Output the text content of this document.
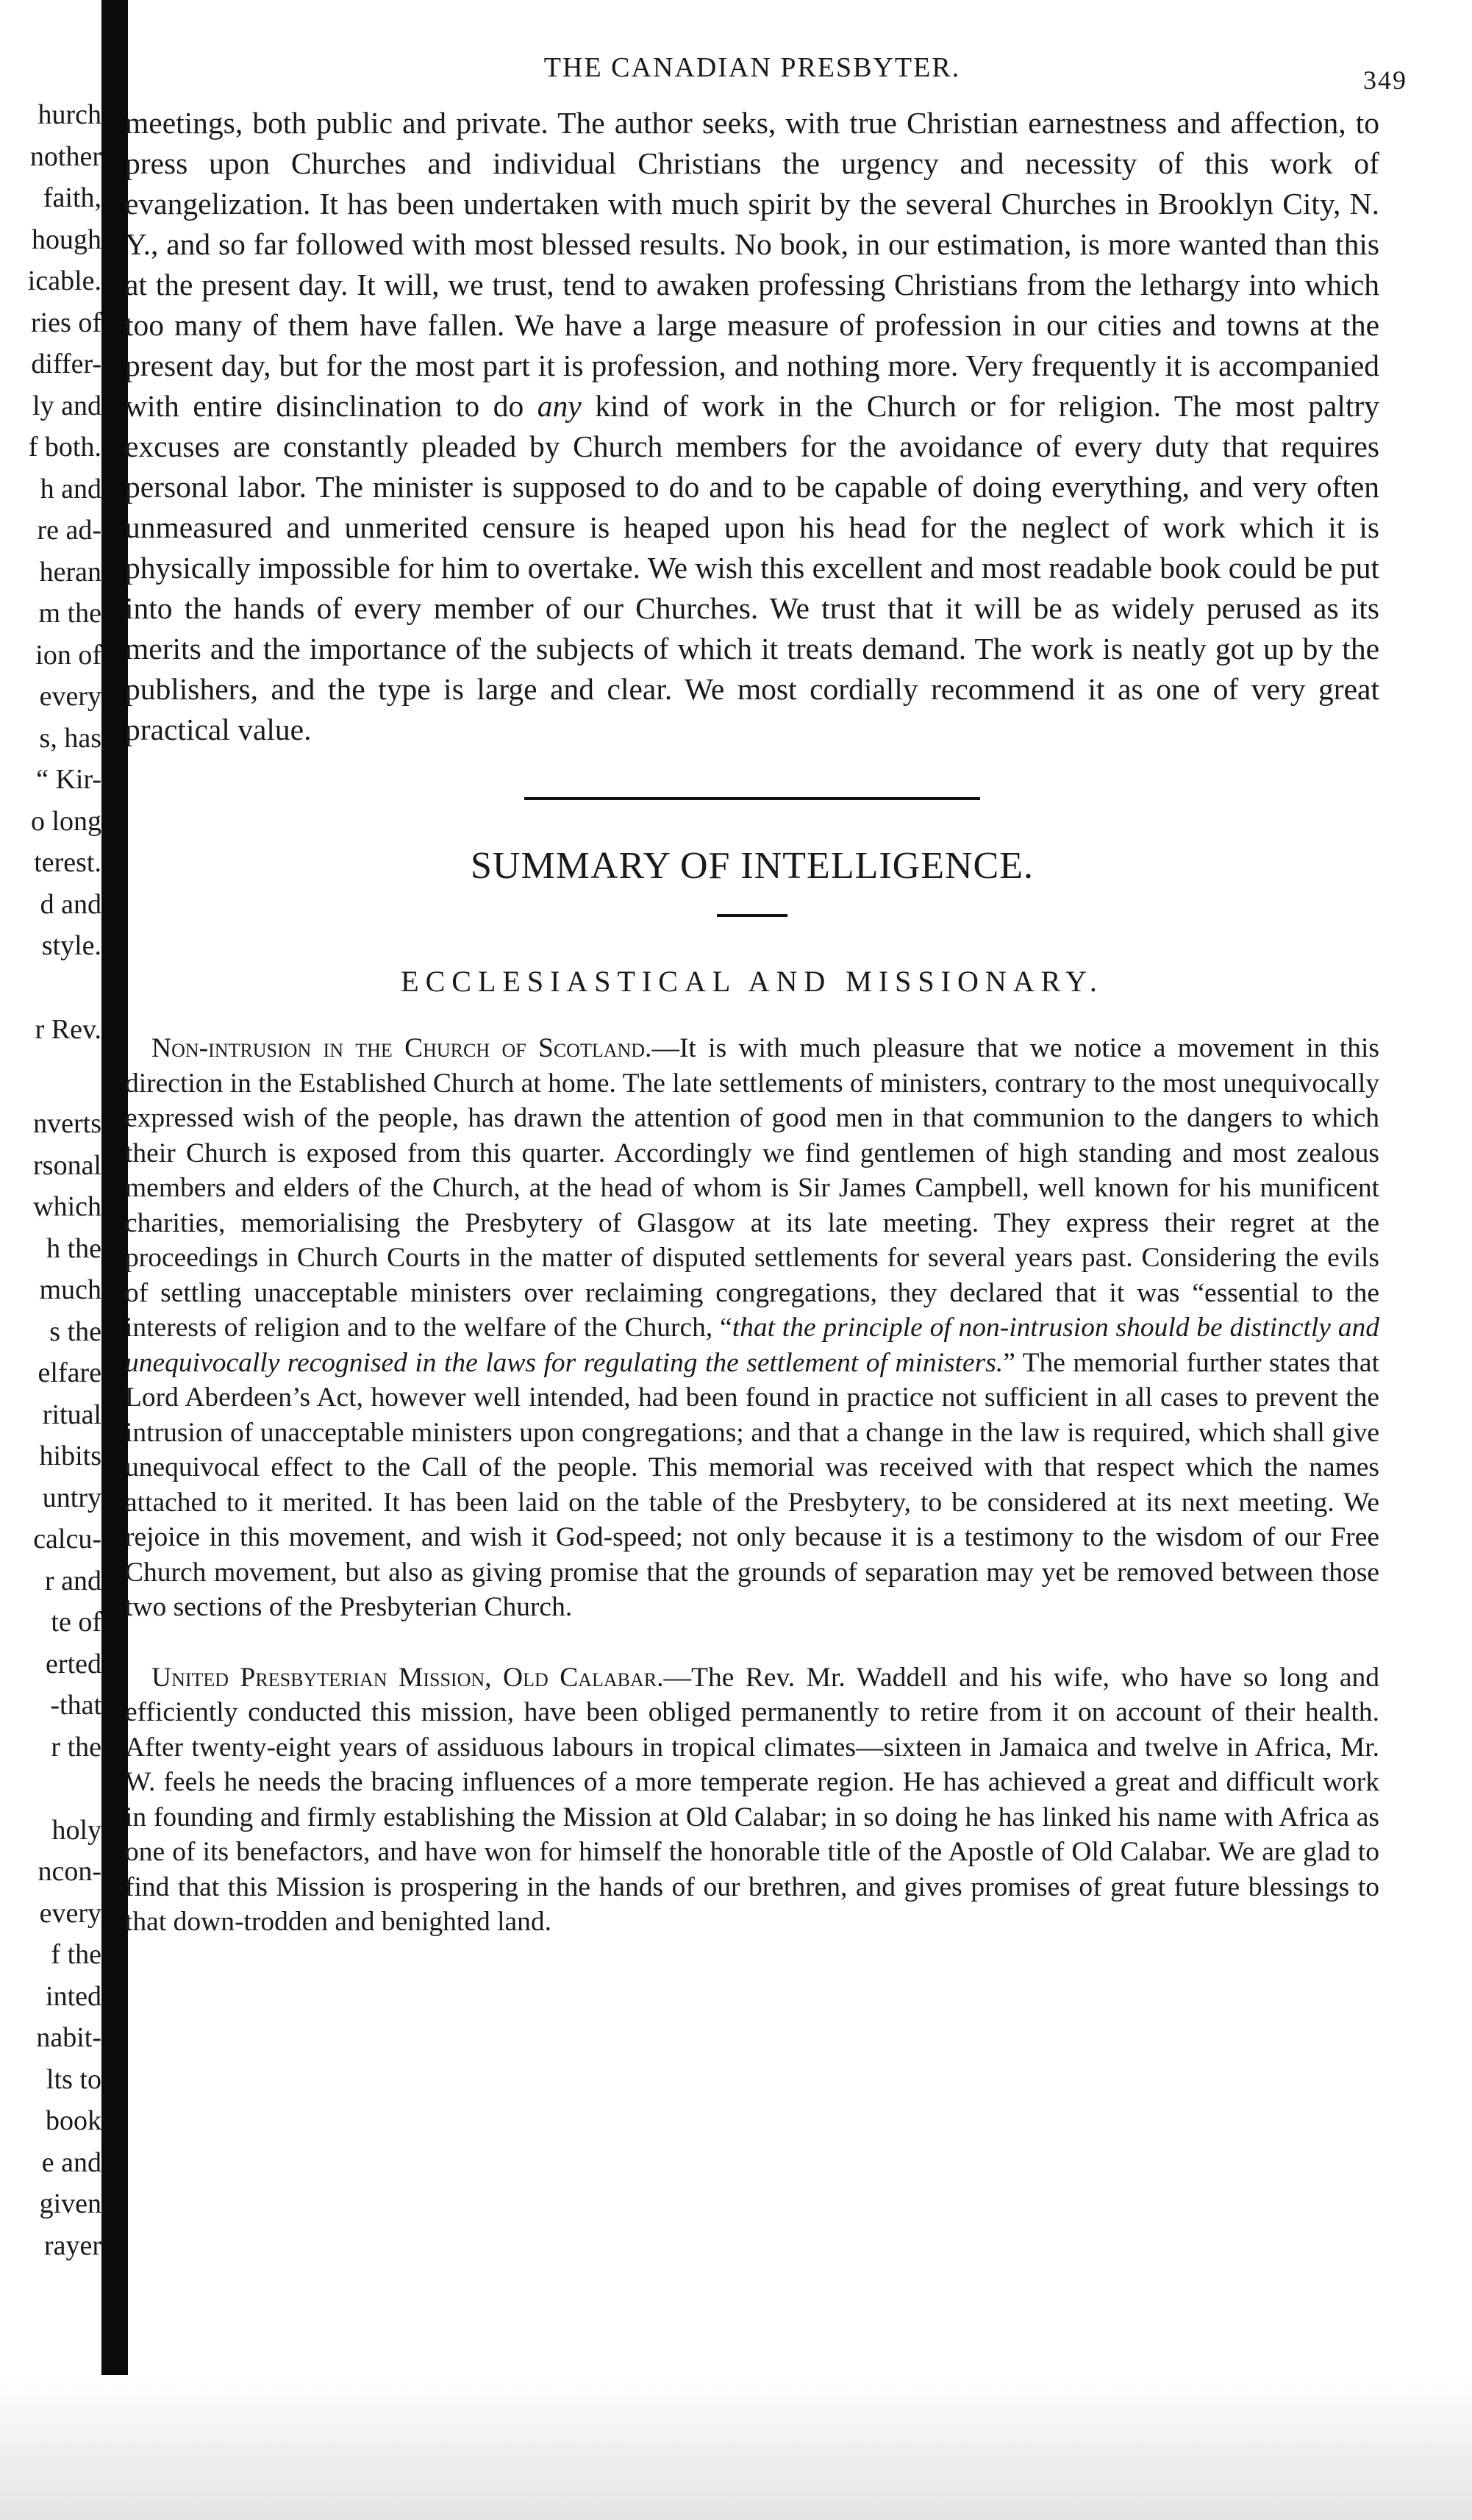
hurch
nother
faith,
hough
icable.
ries of
differ-
ly and
f both.
h and
re ad-
heran
m the
ion of
every
s, has
“ Kir-
o long
terest.
d and
style.
r Rev.
nverts
rsonal
which
h the
much
s the
elfare
ritual
hibits
untry
calcu-
r and
te of
erted
-that
r the
holy
ncon-
every
f the
inted
nabit-
lts to
book
e and
given
rayer
THE CANADIAN PRESBYTER.	349

meetings, both public and private. The author seeks, with true Christian earnestness and affection, to press upon Churches and individual Christians the urgency and necessity of this work of evangelization. It has been undertaken with much spirit by the several Churches in Brooklyn City, N. Y., and so far followed with most blessed results. No book, in our estimation, is more wanted than this at the present day. It will, we trust, tend to awaken professing Christians from the lethargy into which too many of them have fallen. We have a large measure of profession in our cities and towns at the present day, but for the most part it is profession, and nothing more. Very frequently it is accompanied with entire disinclination to do any kind of work in the Church or for religion. The most paltry excuses are constantly pleaded by Church members for the avoidance of every duty that requires personal labor. The minister is supposed to do and to be capable of doing everything, and very often unmeasured and unmerited censure is heaped upon his head for the neglect of work which it is physically impossible for him to overtake. We wish this excellent and most readable book could be put into the hands of every member of our Churches. We trust that it will be as widely perused as its merits and the importance of the subjects of which it treats demand. The work is neatly got up by the publishers, and the type is large and clear. We most cordially recommend it as one of very great practical value.

SUMMARY OF INTELLIGENCE.
ECCLESIASTICAL AND MISSIONARY.

Non-intrusion in the Church of Scotland.—It is with much pleasure that we notice a movement in this direction in the Established Church at home. The late settlements of ministers, contrary to the most unequivocally expressed wish of the people, has drawn the attention of good men in that communion to the dangers to which their Church is exposed from this quarter. Accordingly we find gentlemen of high standing and most zealous members and elders of the Church, at the head of whom is Sir James Campbell, well known for his munificent charities, memorialising the Presbytery of Glasgow at its late meeting. They express their regret at the proceedings in Church Courts in the matter of disputed settlements for several years past. Considering the evils of settling unacceptable ministers over reclaiming congregations, they declared that it was “essential to the interests of religion and to the welfare of the Church, “that the principle of non-intrusion should be distinctly and unequivocally recognised in the laws for regulating the settlement of ministers.” The memorial further states that Lord Aberdeen’s Act, however well intended, had been found in practice not sufficient in all cases to prevent the intrusion of unacceptable ministers upon congregations; and that a change in the law is required, which shall give unequivocal effect to the Call of the people. This memorial was received with that respect which the names attached to it merited. It has been laid on the table of the Presbytery, to be considered at its next meeting. We rejoice in this movement, and wish it God-speed; not only because it is a testimony to the wisdom of our Free Church movement, but also as giving promise that the grounds of separation may yet be removed between those two sections of the Presbyterian Church.

United Presbyterian Mission, Old Calabar.—The Rev. Mr. Waddell and his wife, who have so long and efficiently conducted this mission, have been obliged permanently to retire from it on account of their health. After twenty-eight years of assiduous labours in tropical climates—sixteen in Jamaica and twelve in Africa, Mr. W. feels he needs the bracing influences of a more temperate region. He has achieved a great and difficult work in founding and firmly establishing the Mission at Old Calabar; in so doing he has linked his name with Africa as one of its benefactors, and have won for himself the honorable title of the Apostle of Old Calabar. We are glad to find that this Mission is prospering in the hands of our brethren, and gives promises of great future blessings to that down-trodden and benighted land.
